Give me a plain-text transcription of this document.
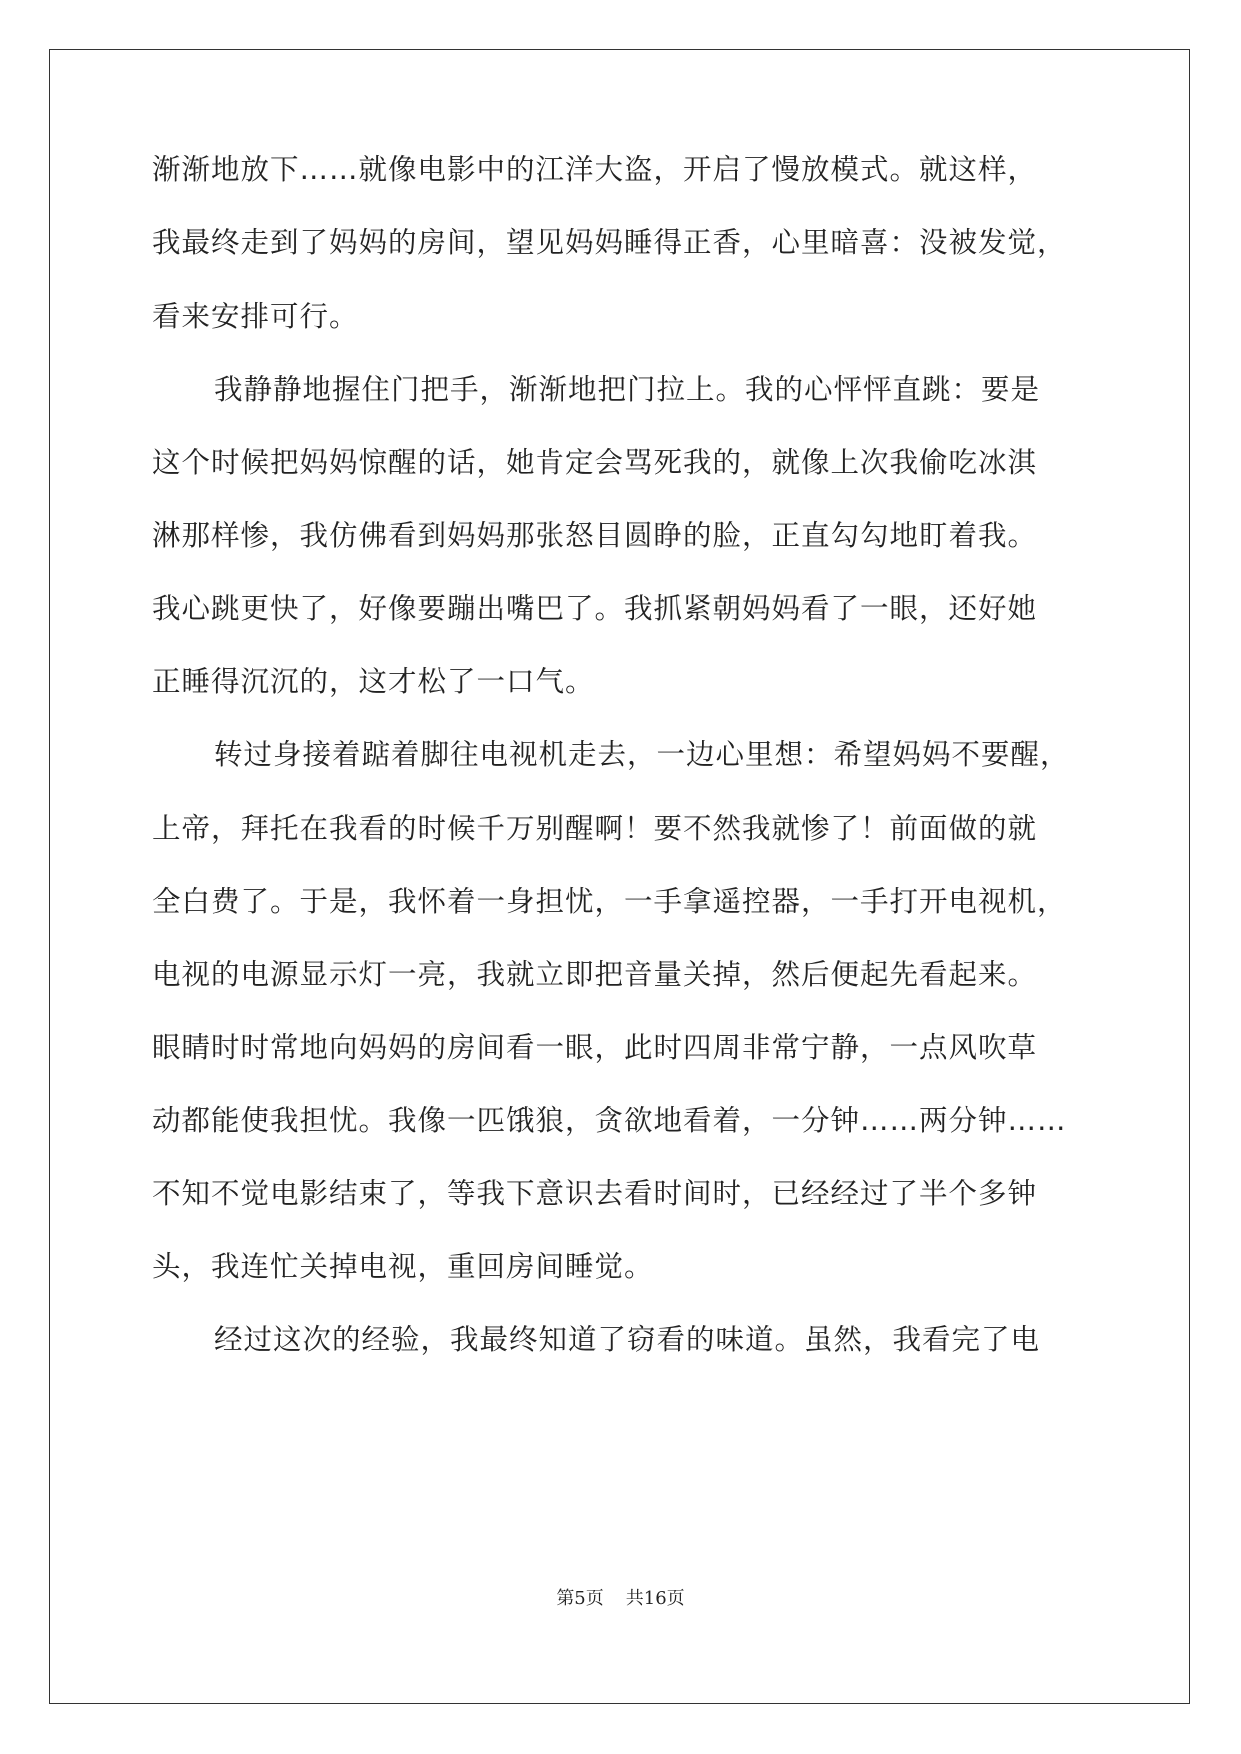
渐渐地放下……就像电影中的江洋大盗，开启了慢放模式。就这样，
我最终走到了妈妈的房间，望见妈妈睡得正香，心里暗喜：没被发觉，
看来安排可行。
我静静地握住门把手，渐渐地把门拉上。我的心怦怦直跳：要是
这个时候把妈妈惊醒的话，她肯定会骂死我的，就像上次我偷吃冰淇
淋那样惨，我仿佛看到妈妈那张怒目圆睁的脸，正直勾勾地盯着我。
我心跳更快了，好像要蹦出嘴巴了。我抓紧朝妈妈看了一眼，还好她
正睡得沉沉的，这才松了一口气。
转过身接着踮着脚往电视机走去，一边心里想：希望妈妈不要醒，
上帝，拜托在我看的时候千万别醒啊！要不然我就惨了！前面做的就
全白费了。于是，我怀着一身担忧，一手拿遥控器，一手打开电视机，
电视的电源显示灯一亮，我就立即把音量关掉，然后便起先看起来。
眼睛时时常地向妈妈的房间看一眼，此时四周非常宁静，一点风吹草
动都能使我担忧。我像一匹饿狼，贪欲地看着，一分钟……两分钟……
不知不觉电影结束了，等我下意识去看时间时，已经经过了半个多钟
头，我连忙关掉电视，重回房间睡觉。
经过这次的经验，我最终知道了窃看的味道。虽然，我看完了电
第5页 共16页
